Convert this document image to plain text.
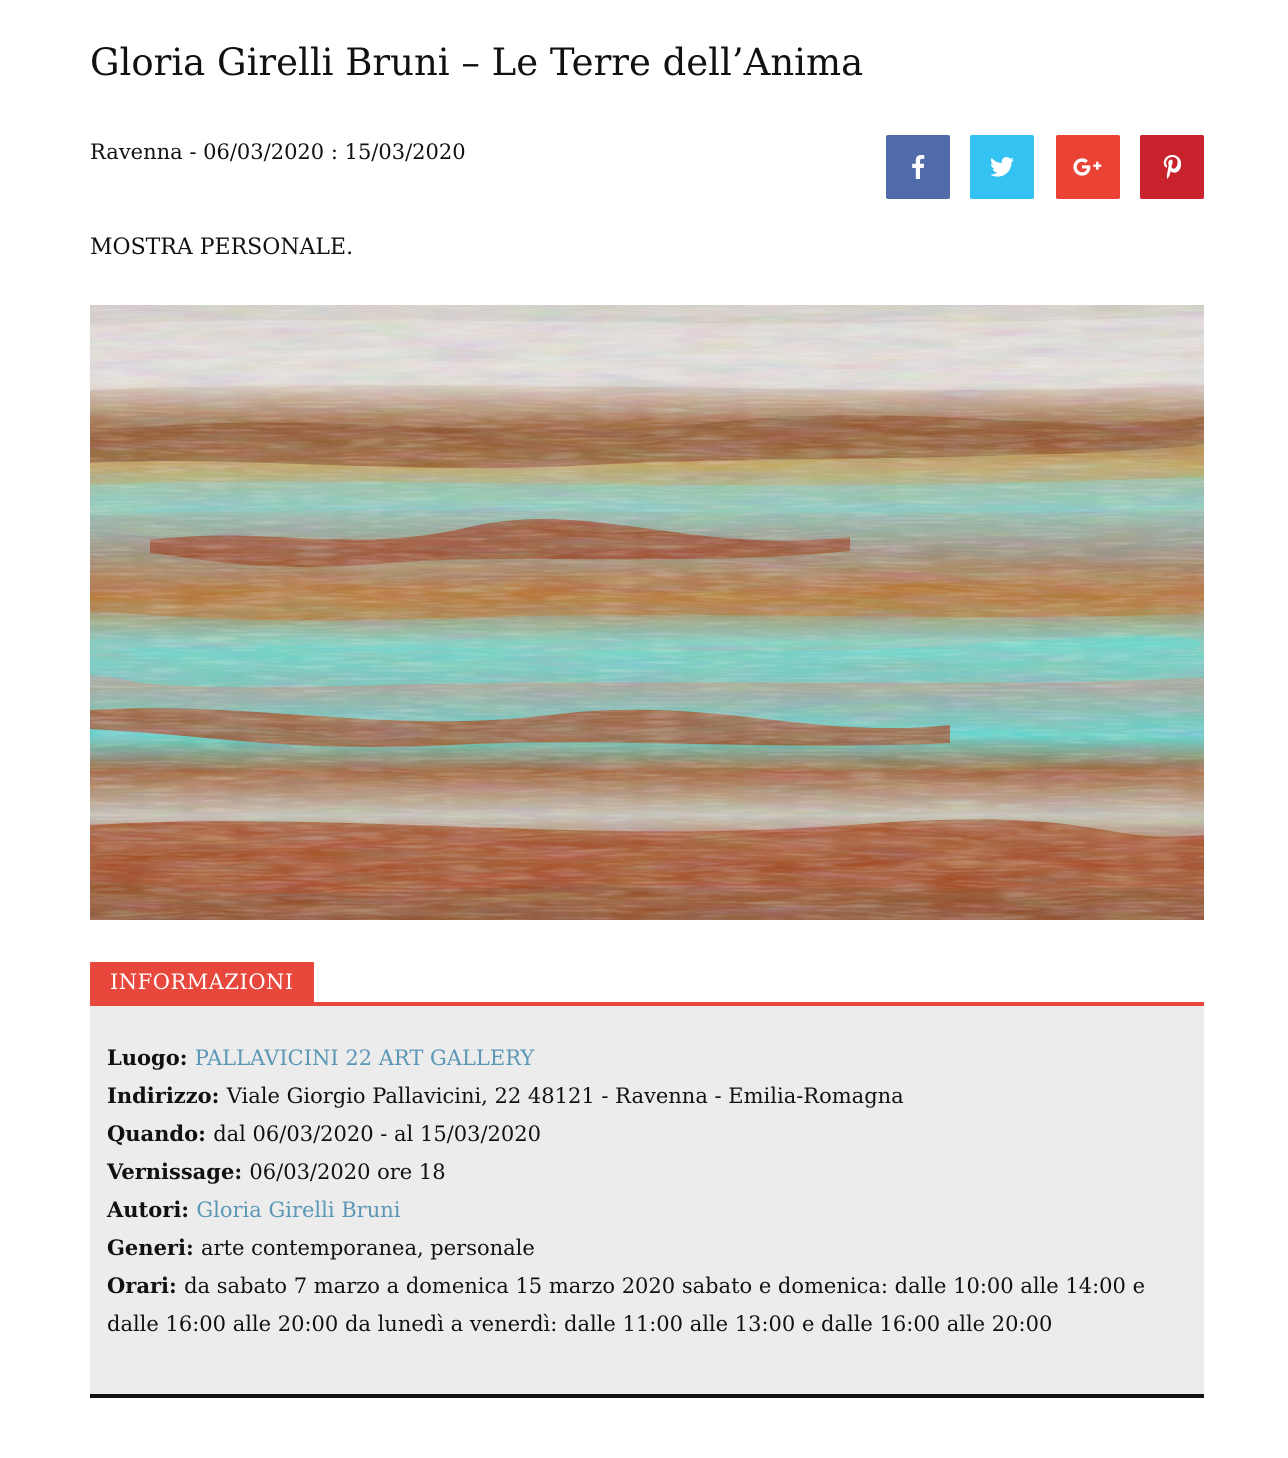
Gloria Girelli Bruni – Le Terre dell’Anima
Ravenna - 06/03/2020 : 15/03/2020
MOSTRA PERSONALE.
INFORMAZIONI
Luogo: PALLAVICINI 22 ART GALLERY
Indirizzo: Viale Giorgio Pallavicini, 22 48121 - Ravenna - Emilia-Romagna
Quando: dal 06/03/2020 - al 15/03/2020
Vernissage: 06/03/2020 ore 18
Autori: Gloria Girelli Bruni
Generi: arte contemporanea, personale
Orari: da sabato 7 marzo a domenica 15 marzo 2020 sabato e domenica: dalle 10:00 alle 14:00 e dalle 16:00 alle 20:00 da lunedì a venerdì: dalle 11:00 alle 13:00 e dalle 16:00 alle 20:00
